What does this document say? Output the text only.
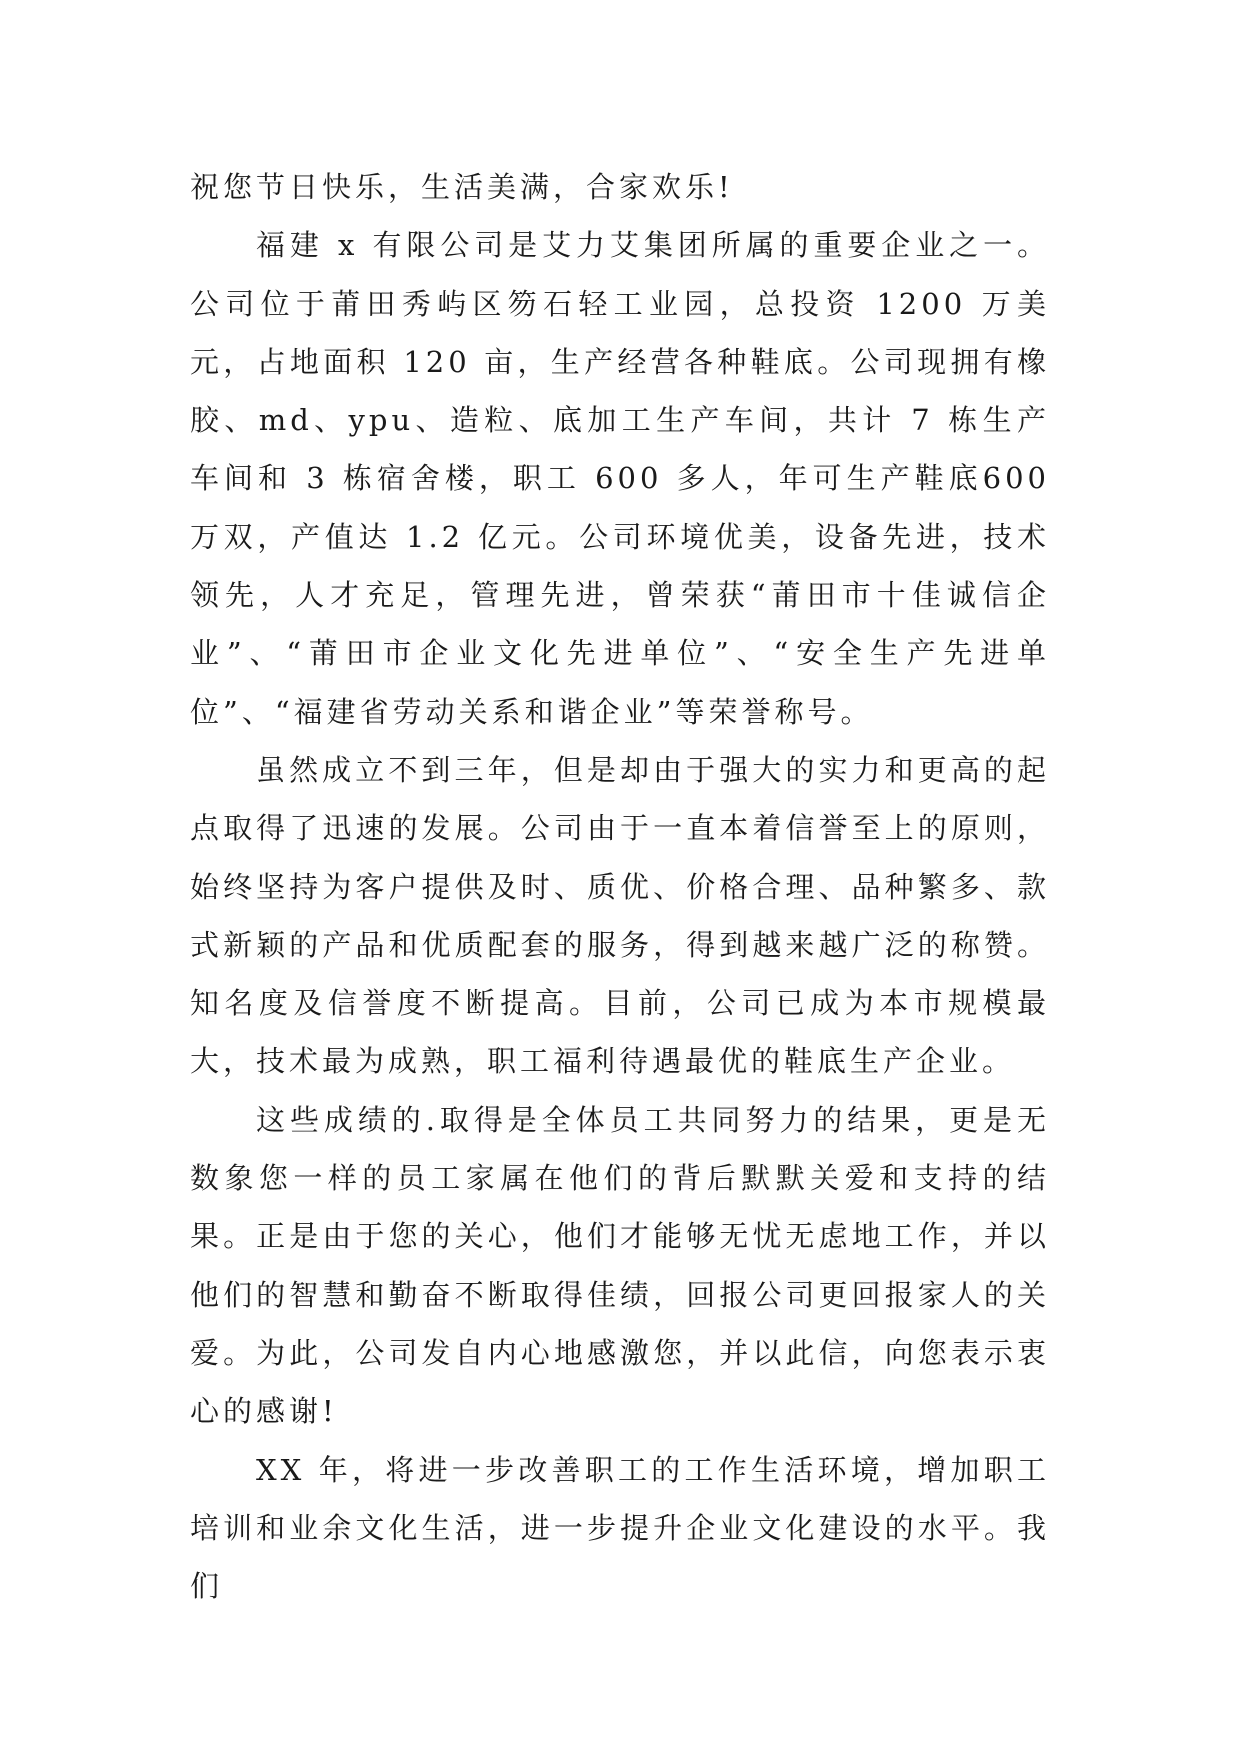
祝您节日快乐，生活美满，合家欢乐!

福建 x 有限公司是艾力艾集团所属的重要企业之一。公司位于莆田秀屿区笏石轻工业园，总投资 1200 万美元，占地面积 120 亩，生产经营各种鞋底。公司现拥有橡胶、md、ypu、造粒、底加工生产车间，共计 7 栋生产车间和 3 栋宿舍楼，职工 600 多人，年可生产鞋底600 万双，产值达 1.2 亿元。公司环境优美，设备先进，技术领先，人才充足，管理先进，曾荣获“莆田市十佳诚信企业”、“莆田市企业文化先进单位”、“安全生产先进单位”、“福建省劳动关系和谐企业”等荣誉称号。

虽然成立不到三年，但是却由于强大的实力和更高的起点取得了迅速的发展。公司由于一直本着信誉至上的原则，始终坚持为客户提供及时、质优、价格合理、品种繁多、款式新颖的产品和优质配套的服务，得到越来越广泛的称赞。知名度及信誉度不断提高。目前，公司已成为本市规模最大，技术最为成熟，职工福利待遇最优的鞋底生产企业。

这些成绩的.取得是全体员工共同努力的结果，更是无数象您一样的员工家属在他们的背后默默关爱和支持的结果。正是由于您的关心，他们才能够无忧无虑地工作，并以他们的智慧和勤奋不断取得佳绩，回报公司更回报家人的关爱。为此，公司发自内心地感激您，并以此信，向您表示衷心的感谢!

XX 年，将进一步改善职工的工作生活环境，增加职工培训和业余文化生活，进一步提升企业文化建设的水平。我们
